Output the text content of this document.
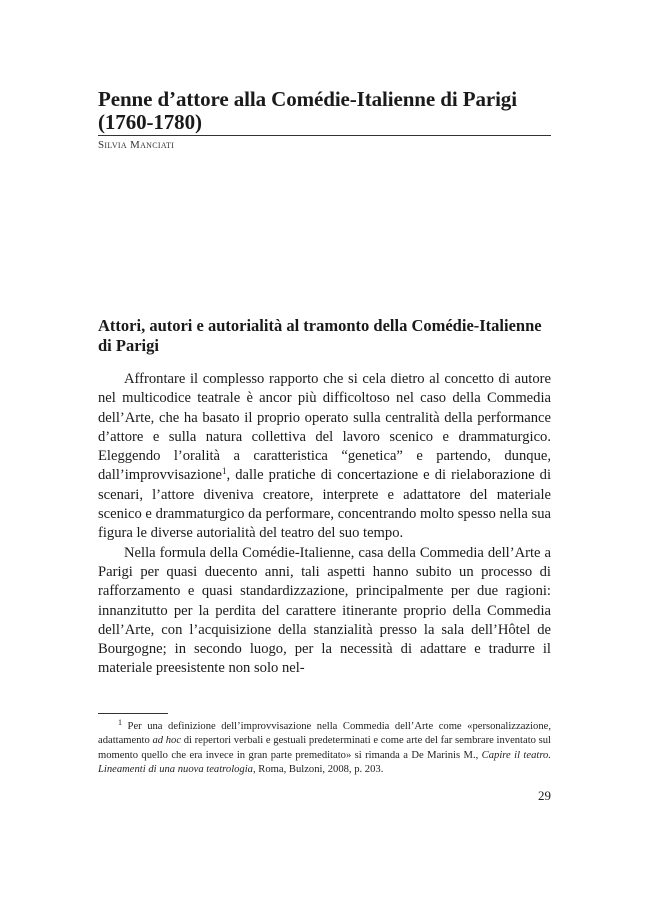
Penne d’attore alla Comédie-Italienne di Parigi (1760-1780)
Silvia Manciati
Attori, autori e autorialità al tramonto della Comédie-Italienne di Parigi

Affrontare il complesso rapporto che si cela dietro al concetto di autore nel multicodice teatrale è ancor più difficoltoso nel caso della Commedia dell’Arte, che ha basato il proprio operato sulla centralità della performance d’attore e sulla natura collettiva del lavoro scenico e drammaturgico. Eleggendo l’oralità a caratteristica “genetica” e partendo, dunque, dall’improvvisazione$^1$, dalle pratiche di concertazione e di rielaborazione di scenari, l’attore diveniva creatore, interprete e adattatore del materiale scenico e drammaturgico da performare, concentrando molto spesso nella sua figura le diverse autorialità del teatro del suo tempo.

Nella formula della Comédie-Italienne, casa della Commedia dell’Arte a Parigi per quasi duecento anni, tali aspetti hanno subito un processo di rafforzamento e quasi standardizzazione, principalmente per due ragioni: innanzitutto per la perdita del carattere itinerante proprio della Commedia dell’Arte, con l’acquisizione della stanzialità presso la sala dell’Hôtel de Bourgogne; in secondo luogo, per la necessità di adattare e tradurre il materiale preesistente non solo nel-

$^1$ Per una definizione dell’improvvisazione nella Commedia dell’Arte come «personalizzazione, adattamento ad hoc di repertori verbali e gestuali predeterminati e come arte del far sembrare inventato sul momento quello che era invece in gran parte premeditato» si rimanda a De Marinis M., Capire il teatro. Lineamenti di una nuova teatrologia, Roma, Bulzoni, 2008, p. 203.
29
